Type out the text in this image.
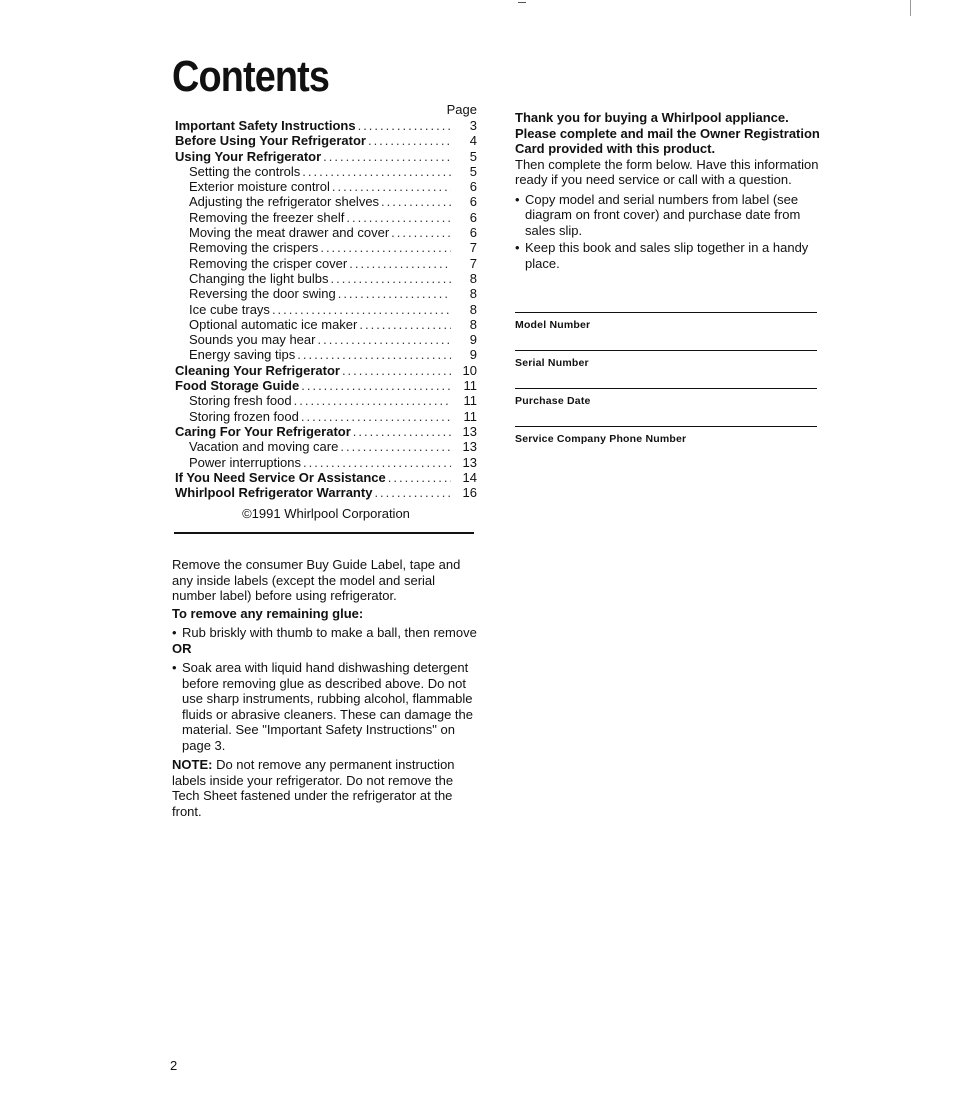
Contents
Page
Important Safety Instructions .....	3
Before Using Your Refrigerator .....	4
Using Your Refrigerator .....	5
Setting the controls .....	5
Exterior moisture control .....	6
Adjusting the refrigerator shelves .....	6
Removing the freezer shelf .....	6
Moving the meat drawer and cover .....	6
Removing the crispers .....	7
Removing the crisper cover .....	7
Changing the light bulbs .....	8
Reversing the door swing .....	8
Ice cube trays .....	8
Optional automatic ice maker .....	8
Sounds you may hear .....	9
Energy saving tips .....	9
Cleaning Your Refrigerator .....	10
Food Storage Guide .....	11
Storing fresh food .....	11
Storing frozen food .....	11
Caring For Your Refrigerator .....	13
Vacation and moving care .....	13
Power interruptions .....	13
If You Need Service Or Assistance .....	14
Whirlpool Refrigerator Warranty .....	16
©1991 Whirlpool Corporation

Remove the consumer Buy Guide Label, tape and any inside labels (except the model and serial number label) before using refrigerator.

To remove any remaining glue:

• Rub briskly with thumb to make a ball, then remove

OR

• Soak area with liquid hand dishwashing detergent before removing glue as described above. Do not use sharp instruments, rubbing alcohol, flammable fluids or abrasive cleaners. These can damage the material. See "Important Safety Instructions" on page 3.

NOTE: Do not remove any permanent instruction labels inside your refrigerator. Do not remove the Tech Sheet fastened under the refrigerator at the front.

Thank you for buying a Whirlpool appliance. Please complete and mail the Owner Registration Card provided with this product.

Then complete the form below. Have this information ready if you need service or call with a question.

• Copy model and serial numbers from label (see diagram on front cover) and purchase date from sales slip.
• Keep this book and sales slip together in a handy place.
Model Number
Serial Number
Purchase Date
Service Company Phone Number
2
